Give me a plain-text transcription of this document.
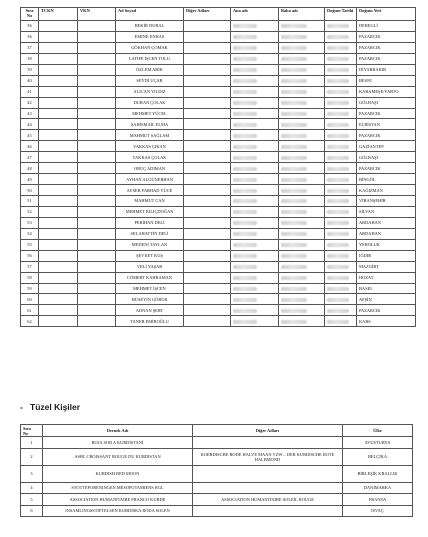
Sıra
No	TCKN	VKN	Ad Soyad	Diğer Adları	Ana adı	Baba adı	Doğum Tarihi	Doğum Yeri
36			BEKİR DURAL					DEREGLİ
36			EMİNE ENHAS					PAZARCIK
37			GÖKHAN ÇOMAK					PAZARCIK
38			LATİFE İŞCEN TOLU					PAZARCIK
39			ÖZLEM ARIK					DİYARBAKIR
40			SEYDİ UÇAR					BESNİ
41			ALİCAN YILDIZ					KARAMEŞE/VARTO
42			DURAN ÇOLAK					GÖLBAŞI
43			MEHMET YÜCEL					PAZARCIK
44			ŞAHİSMAİL ELMA					ELBİSTAN
45			MAHMUT SAĞLAM					PAZARCIK
46			VAKKAS ÇIKAN					GAZİANTEP
47			VAKKAS ÇOLAK					GÖLBAŞI
48			ORUÇ ADIMAN					PAZARCIK
49			AYHAN ALGÜNERHAN					BİNGÖL
50			AYSER FARHAD YÜCE					KAĞIZMAN
51			MAHMUT CAN					VİRANŞEHİR
52			MEHMET KILIÇDOĞAN					SİLVAN
53			PERİHAN DELİ					ARDAHAN
54			SELAHATTİN DELİ					ARDAHAN
55			MEDENİ TAYLAN					YEROLUK
56			ŞEVKET KUŞ					İĞDIR
57			VELİ YAŞAR					MAZGİRT
58			CÖMERT KAHRAMAN					HOZAT
59			MEHMET İŞCEN					BASEL
60			HÜSEYİN GÖRÜR					AFŞİN
61			ADNAN ŞERT					PAZARCIK
62			TANER EMİROĞLU					KARS
- Tüzel Kişiler
Sıra
No	Dernek Adı	Diğer Adları	Ülke
1	ROJA SOR A KURDİSTANİ		AVUSTURYA
2	ASBL CROISSANT ROUGE DU KURDISTAN	KOERDISCHE RODE HALVE MAAN VZW – DER KURDISCHE ROTE HALBMOND	BELÇİKA
3	KURDISH RED MOON		BİRLEŞİK KRALLIK
4	STOTTEFORENINGEN MESOPOTAMIENS RGL		DANİMARKA
5	ASSOCIATION HUMANITAIRE FRANCO KURDE	ASSOCIATION HUMANITAIRE SOLEIL ROUGE	FRANSA
6	INSAMLINGSSTIFTELSEN KURDISKA RÖDA SOLEN		İSVEÇ
